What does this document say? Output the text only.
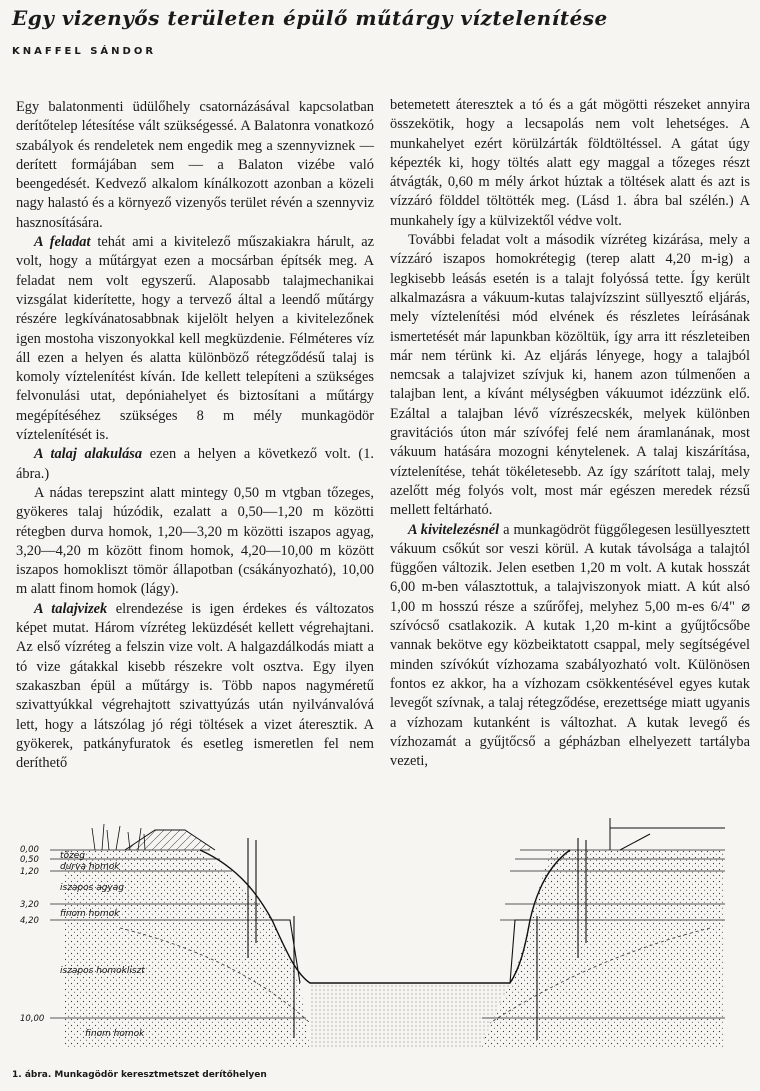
Egy vizenyős területen épülő műtárgy víztelenítése
KNAFFEL SÁNDOR

Egy balatonmenti üdülőhely csatornázásával kapcsolatban derítőtelep létesítése vált szükségessé. A Balatonra vonatkozó szabályok és rendeletek nem engedik meg a szennyviznek — derített formájában sem — a Balaton vizébe való beengedését. Kedvező alkalom kínálkozott azonban a közeli nagy halastó és a környező vizenyős terület révén a szennyviz hasznosítására.

A feladat tehát ami a kivitelező műszakiakra hárult, az volt, hogy a műtárgyat ezen a mocsárban építsék meg. A feladat nem volt egyszerű. Alaposabb talajmechanikai vizsgálat kiderítette, hogy a tervező által a leendő műtárgy részére legkívánatosabbnak kijelölt helyen a kivitelezőnek igen mostoha viszonyokkal kell megküzdenie. Félméteres víz áll ezen a helyen és alatta különböző rétegződésű talaj is komoly víztelenítést kíván. Ide kellett telepíteni a szükséges felvonulási utat, depóniahelyet és biztosítani a műtárgy megépítéséhez szükséges 8 m mély munkagödör víztelenítését is.

A talaj alakulása ezen a helyen a következő volt. (1. ábra.)

A nádas terepszint alatt mintegy 0,50 m vtgban tőzeges, gyökeres talaj húzódik, ezalatt a 0,50—1,20 m közötti rétegben durva homok, 1,20—3,20 m közötti iszapos agyag, 3,20—4,20 m között finom homok, 4,20—10,00 m között iszapos homokliszt tömör állapotban (csákányozható), 10,00 m alatt finom homok (lágy).

A talajvizek elrendezése is igen érdekes és változatos képet mutat. Három vízréteg leküzdését kellett végrehajtani. Az első vízréteg a felszin vize volt. A halgazdálkodás miatt a tó vize gátakkal kisebb részekre volt osztva. Egy ilyen szakaszban épül a műtárgy is. Több napos nagyméretű szivattyúkkal végrehajtott szivattyúzás után nyilvánvalóvá lett, hogy a látszólag jó régi töltések a vizet áteresztik. A gyökerek, patkányfuratok és esetleg ismeretlen fel nem deríthető

betemetett áteresztek a tó és a gát mögötti részeket annyira összekötik, hogy a lecsapolás nem volt lehetséges. A munkahelyet ezért körülzárták földtöltéssel. A gátat úgy képezték ki, hogy töltés alatt egy maggal a tőzeges részt átvágták, 0,60 m mély árkot húztak a töltések alatt és azt is vízzáró földdel töltötték meg. (Lásd 1. ábra bal szélén.) A munkahely így a külvizektől védve volt.

További feladat volt a második vízréteg kizárása, mely a vízzáró iszapos homokrétegig (terep alatt 4,20 m-ig) a legkisebb leásás esetén is a talajt folyóssá tette. Így került alkalmazásra a vákuum-kutas talajvízszint süllyesztő eljárás, mely víztelenítési mód elvének és részletes leírásának ismertetését már lapunkban közöltük, így arra itt részleteiben már nem térünk ki. Az eljárás lényege, hogy a talajból nemcsak a talajvizet szívjuk ki, hanem azon túlmenően a talajban lent, a kívánt mélységben vákuumot idézzünk elő. Ezáltal a talajban lévő vízrészecskék, melyek különben gravitációs úton már szívófej felé nem áramlanának, most vákuum hatására mozogni kénytelenek. A talaj kiszárítása, víztelenítése, tehát tökéletesebb. Az így szárított talaj, mely azelőtt még folyós volt, most már egészen meredek rézsű mellett feltárható.

A kivitelezésnél a munkagödröt függőlegesen lesüllyesztett vákuum csőkút sor veszi körül. A kutak távolsága a talajtól függően változik. Jelen esetben 1,20 m volt. A kutak hosszát 6,00 m-ben választottuk, a talajviszonyok miatt. A kút alsó 1,00 m hosszú része a szűrőfej, melyhez 5,00 m-es 6/4" ⌀ szívócső csatlakozik. A kutak 1,20 m-kint a gyűjtőcsőbe vannak bekötve egy közbeiktatott csappal, mely segítségével minden szívókút vízhozama szabályozható volt. Különösen fontos ez akkor, ha a vízhozam csökkentésével egyes kutak levegőt szívnak, a talaj rétegződése, erezettsége miatt ugyanis a vízhozam kutanként is változhat. A kutak levegő és vízhozamát a gyűjtőcső a gépházban elhelyezett tartályba vezeti,

0,00
0,50
1,20
3,20
4,20
10,00
tőzeg
durva homok
iszapos agyag
finom homok
iszapos homokliszt
finom homok
1. ábra. Munkagödör keresztmetszet derítőhelyen
